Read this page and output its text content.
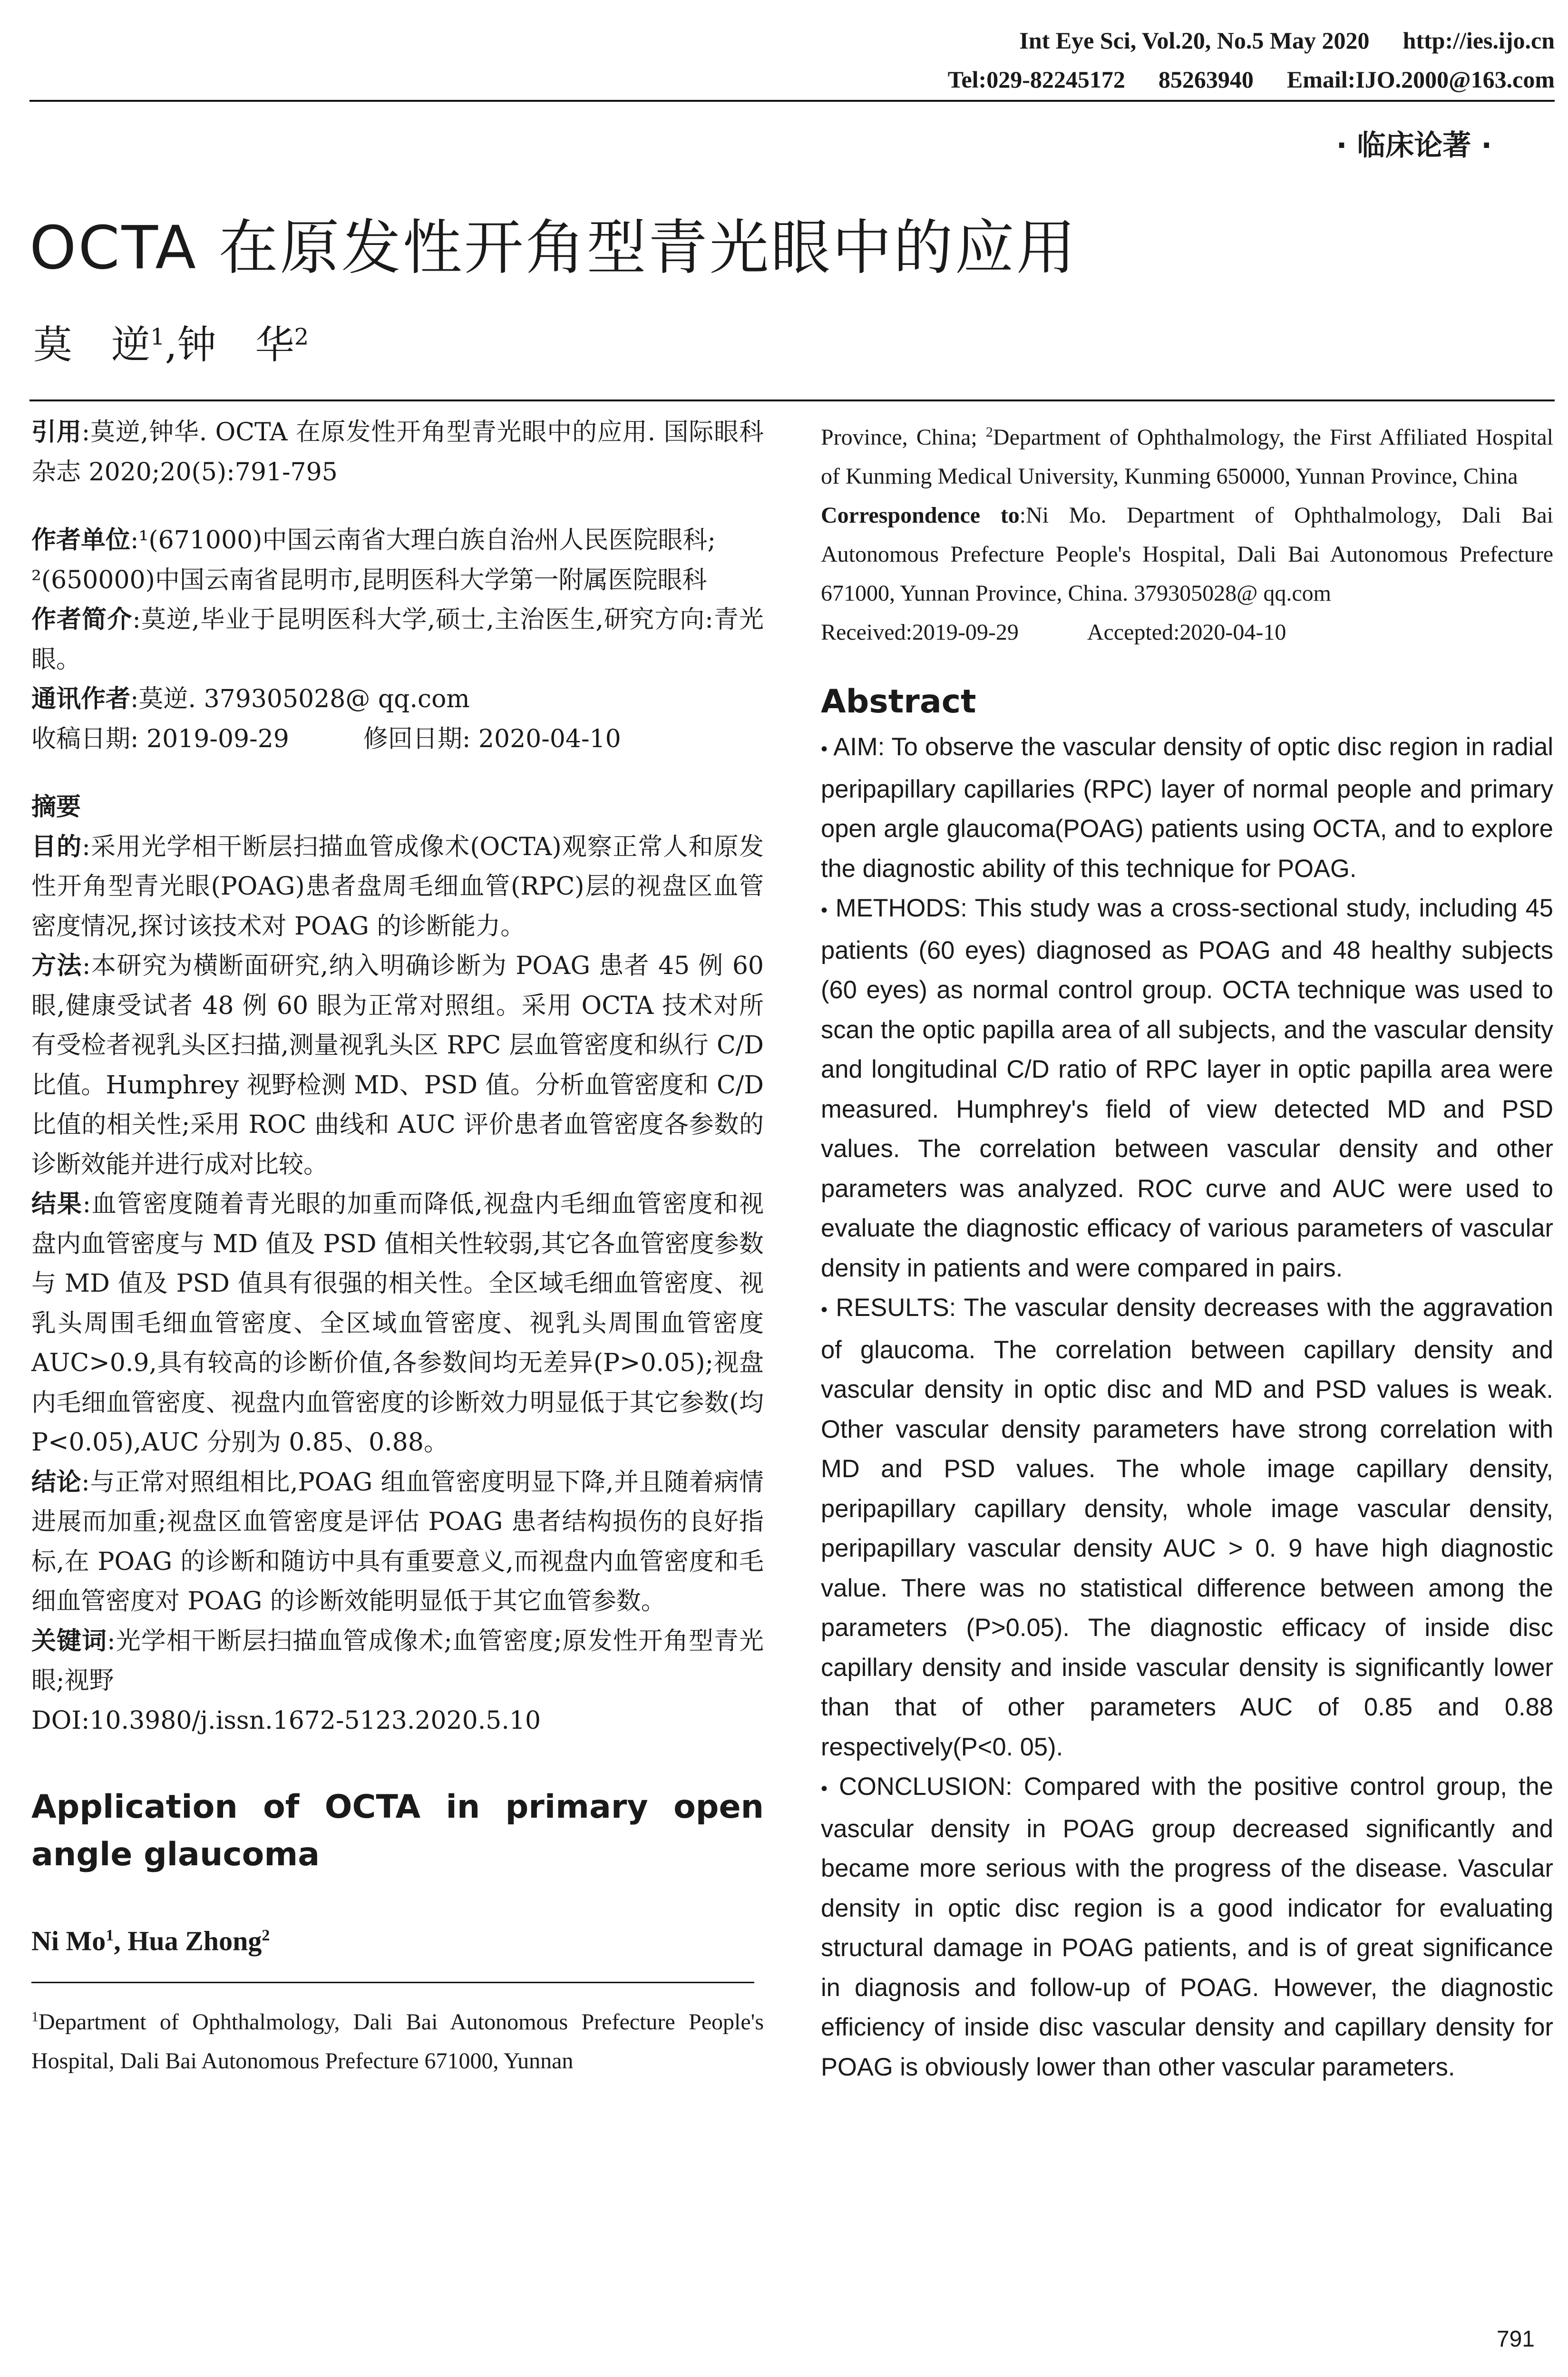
Int Eye Sci, Vol.20, No.5 May 2020 http://ies.ijo.cn
Tel:029-82245172 85263940 Email:IJO.2000@163.com
· 临床论著 ·
OCTA 在原发性开角型青光眼中的应用
莫　逆$^1$,钟　华$^2$

引用:莫逆,钟华. OCTA 在原发性开角型青光眼中的应用. 国际眼科杂志 2020;20(5):791-795

作者单位:¹(671000)中国云南省大理白族自治州人民医院眼科;

²(650000)中国云南省昆明市,昆明医科大学第一附属医院眼科

作者简介:莫逆,毕业于昆明医科大学,硕士,主治医生,研究方向:青光眼。

通讯作者:莫逆. 379305028@ qq.com

收稿日期: 2019-09-29　　　修回日期: 2020-04-10

摘要

目的:采用光学相干断层扫描血管成像术(OCTA)观察正常人和原发性开角型青光眼(POAG)患者盘周毛细血管(RPC)层的视盘区血管密度情况,探讨该技术对 POAG 的诊断能力。

方法:本研究为横断面研究,纳入明确诊断为 POAG 患者 45 例 60 眼,健康受试者 48 例 60 眼为正常对照组。采用 OCTA 技术对所有受检者视乳头区扫描,测量视乳头区 RPC 层血管密度和纵行 C/D 比值。Humphrey 视野检测 MD、PSD 值。分析血管密度和 C/D 比值的相关性;采用 ROC 曲线和 AUC 评价患者血管密度各参数的诊断效能并进行成对比较。

结果:血管密度随着青光眼的加重而降低,视盘内毛细血管密度和视盘内血管密度与 MD 值及 PSD 值相关性较弱,其它各血管密度参数与 MD 值及 PSD 值具有很强的相关性。全区域毛细血管密度、视乳头周围毛细血管密度、全区域血管密度、视乳头周围血管密度 AUC>0.9,具有较高的诊断价值,各参数间均无差异(P>0.05);视盘内毛细血管密度、视盘内血管密度的诊断效力明显低于其它参数(均 P<0.05),AUC 分别为 0.85、0.88。

结论:与正常对照组相比,POAG 组血管密度明显下降,并且随着病情进展而加重;视盘区血管密度是评估 POAG 患者结构损伤的良好指标,在 POAG 的诊断和随访中具有重要意义,而视盘内血管密度和毛细血管密度对 POAG 的诊断效能明显低于其它血管参数。

关键词:光学相干断层扫描血管成像术;血管密度;原发性开角型青光眼;视野

DOI:10.3980/j.issn.1672-5123.2020.5.10

Application of OCTA in primary open angle glaucoma

Ni Mo$^1$, Hua Zhong$^2$

$^1$Department of Ophthalmology, Dali Bai Autonomous Prefecture People's Hospital, Dali Bai Autonomous Prefecture 671000, Yunnan

Province, China; $^2$Department of Ophthalmology, the First Affiliated Hospital of Kunming Medical University, Kunming 650000, Yunnan Province, China

Correspondence to:Ni Mo. Department of Ophthalmology, Dali Bai Autonomous Prefecture People's Hospital, Dali Bai Autonomous Prefecture 671000, Yunnan Province, China. 379305028@ qq.com

Received:2019-09-29　　　Accepted:2020-04-10

Abstract

• AIM: To observe the vascular density of optic disc region in radial peripapillary capillaries (RPC) layer of normal people and primary open argle glaucoma(POAG) patients using OCTA, and to explore the diagnostic ability of this technique for POAG.

• METHODS: This study was a cross-sectional study, including 45 patients (60 eyes) diagnosed as POAG and 48 healthy subjects (60 eyes) as normal control group. OCTA technique was used to scan the optic papilla area of all subjects, and the vascular density and longitudinal C/D ratio of RPC layer in optic papilla area were measured. Humphrey's field of view detected MD and PSD values. The correlation between vascular density and other parameters was analyzed. ROC curve and AUC were used to evaluate the diagnostic efficacy of various parameters of vascular density in patients and were compared in pairs.

• RESULTS: The vascular density decreases with the aggravation of glaucoma. The correlation between capillary density and vascular density in optic disc and MD and PSD values is weak. Other vascular density parameters have strong correlation with MD and PSD values. The whole image capillary density, peripapillary capillary density, whole image vascular density, peripapillary vascular density AUC > 0. 9 have high diagnostic value. There was no statistical difference between among the parameters (P>0.05). The diagnostic efficacy of inside disc capillary density and inside vascular density is significantly lower than that of other parameters AUC of 0.85 and 0.88 respectively(P<0. 05).

• CONCLUSION: Compared with the positive control group, the vascular density in POAG group decreased significantly and became more serious with the progress of the disease. Vascular density in optic disc region is a good indicator for evaluating structural damage in POAG patients, and is of great significance in diagnosis and follow-up of POAG. However, the diagnostic efficiency of inside disc vascular density and capillary density for POAG is obviously lower than other vascular parameters.

791
